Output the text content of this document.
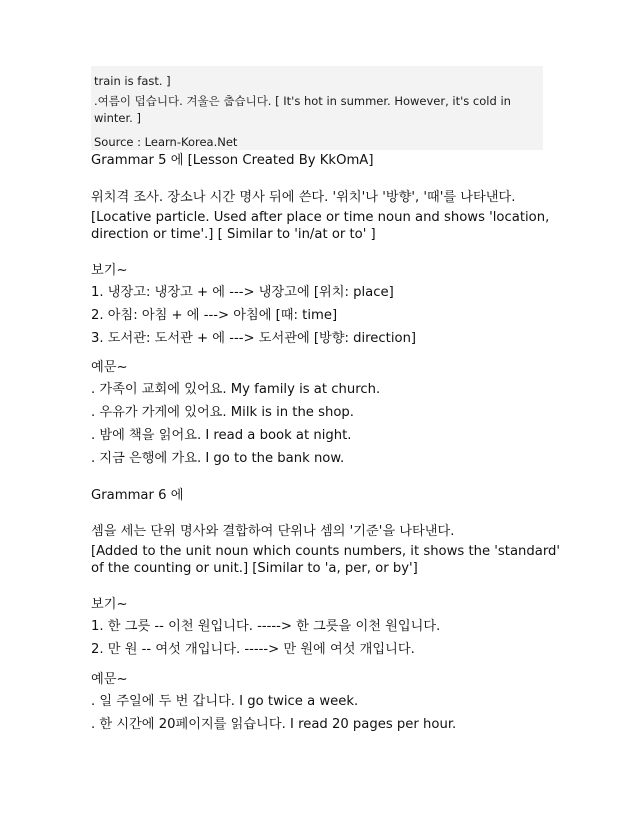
train is fast. ]
.여름이 덥습니다. 겨울은 춥습니다. [ It's hot in summer. However, it's cold in
winter. ]
Source : Learn-Korea.Net
Grammar 5 에 [Lesson Created By KkOmA]
위치격 조사. 장소나 시간 명사 뒤에 쓴다. '위치'나 '방향', '때'를 나타낸다.
[Locative particle. Used after place or time noun and shows 'location,
direction or time'.] [ Similar to 'in/at or to' ]
보기~
1. 냉장고: 냉장고 + 에 ---> 냉장고에 [위치: place]
2. 아침: 아침 + 에 ---> 아침에 [때: time]
3. 도서관: 도서관 + 에 ---> 도서관에 [방향: direction]
예문~
. 가족이 교회에 있어요. My family is at church.
. 우유가 가게에 있어요. Milk is in the shop.
. 밤에 책을 읽어요. I read a book at night.
. 지금 은행에 가요. I go to the bank now.
Grammar 6 에
셈을 세는 단위 명사와 결합하여 단위나 셈의 '기준'을 나타낸다.
[Added to the unit noun which counts numbers, it shows the 'standard'
of the counting or unit.] [Similar to 'a, per, or by']
보기~
1. 한 그릇 -- 이천 원입니다. -----> 한 그릇을 이천 원입니다.
2. 만 원 -- 여섯 개입니다. -----> 만 원에 여섯 개입니다.
예문~
. 일 주일에 두 번 갑니다. I go twice a week.
. 한 시간에 20페이지를 읽습니다. I read 20 pages per hour.
